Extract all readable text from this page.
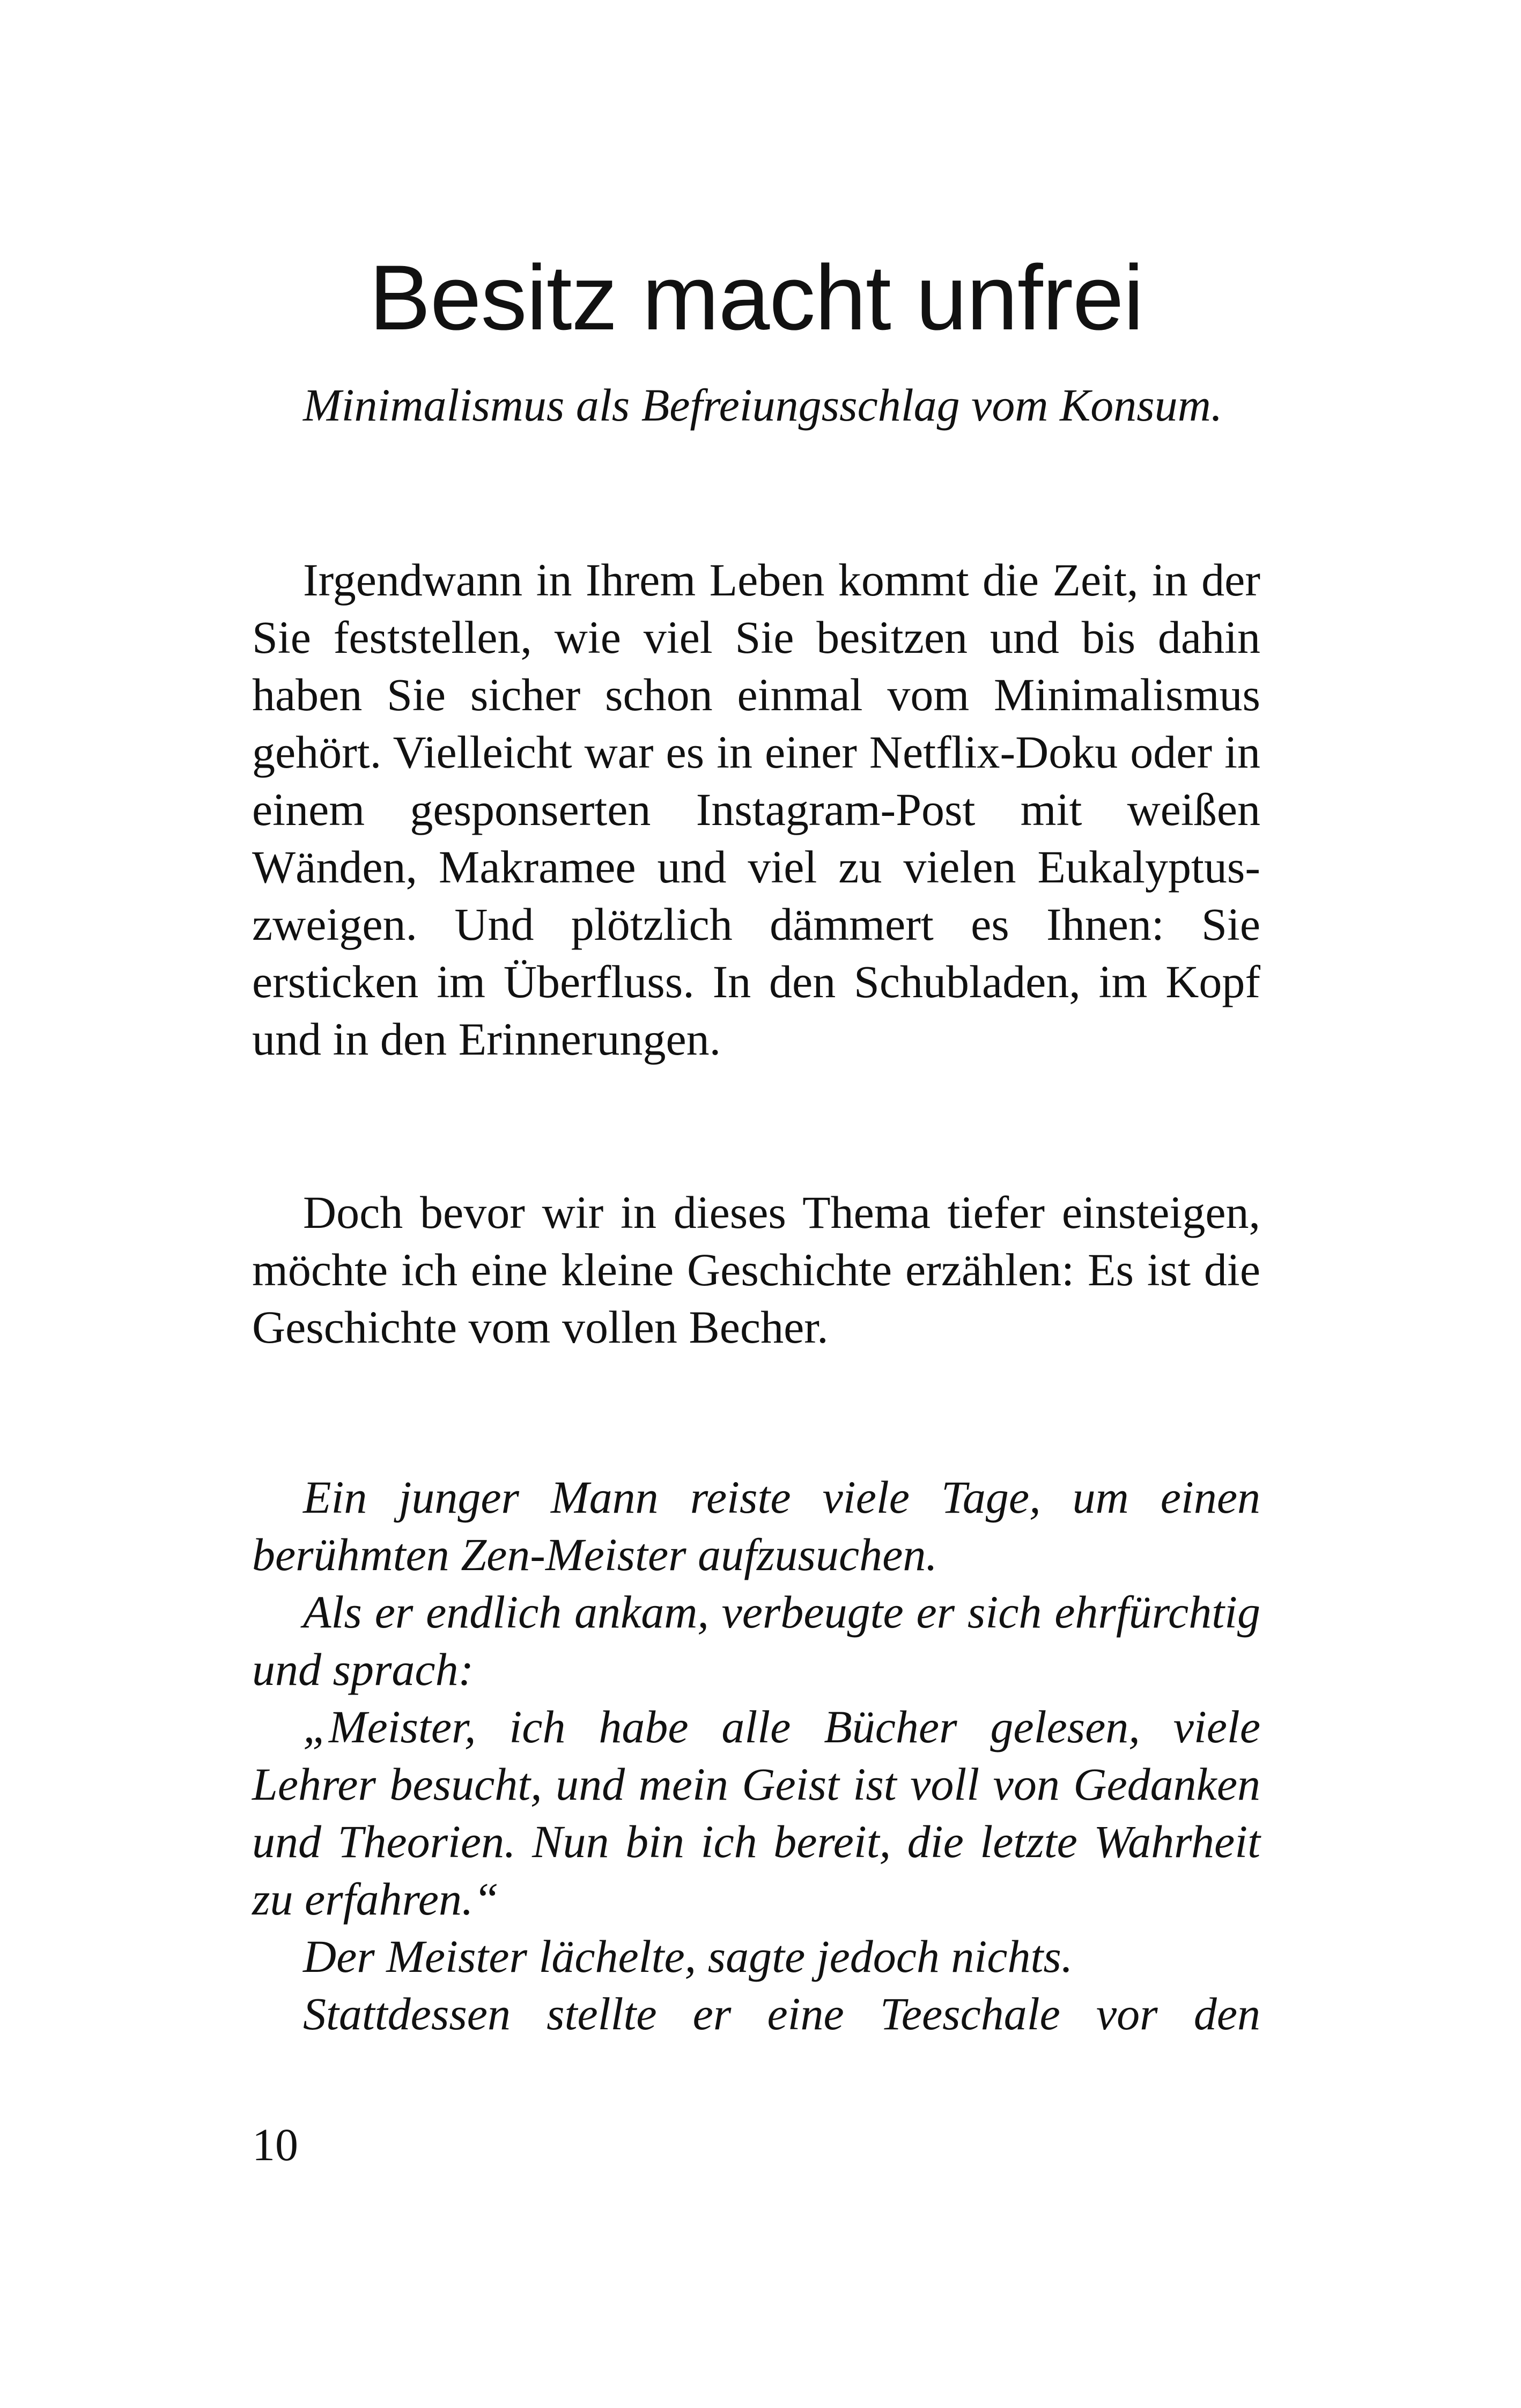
Besitz macht unfrei

Minimalismus als Befreiungsschlag vom Konsum.

Irgendwann in Ihrem Leben kommt die Zeit, in der Sie feststellen, wie viel Sie besitzen und bis dahin haben Sie sicher schon einmal vom Minimalismus gehört. Vielleicht war es in einer Netflix-Doku oder in einem gesponserten Instagram-Post mit weißen Wänden, Makramee und viel zu vielen Eukalyptuszweigen. Und plötzlich dämmert es Ihnen: Sie ersticken im Überfluss. In den Schubladen, im Kopf und in den Erinnerungen.

Doch bevor wir in dieses Thema tiefer einsteigen, möchte ich eine kleine Geschichte erzählen: Es ist die Geschichte vom vollen Becher.

Ein junger Mann reiste viele Tage, um einen berühmten Zen-Meister aufzusuchen.

Als er endlich ankam, verbeugte er sich ehrfürchtig und sprach:

„Meister, ich habe alle Bücher gelesen, viele Lehrer besucht, und mein Geist ist voll von Gedanken und Theorien. Nun bin ich bereit, die letzte Wahrheit zu erfahren.“

Der Meister lächelte, sagte jedoch nichts.

Stattdessen stellte er eine Teeschale vor den

10
